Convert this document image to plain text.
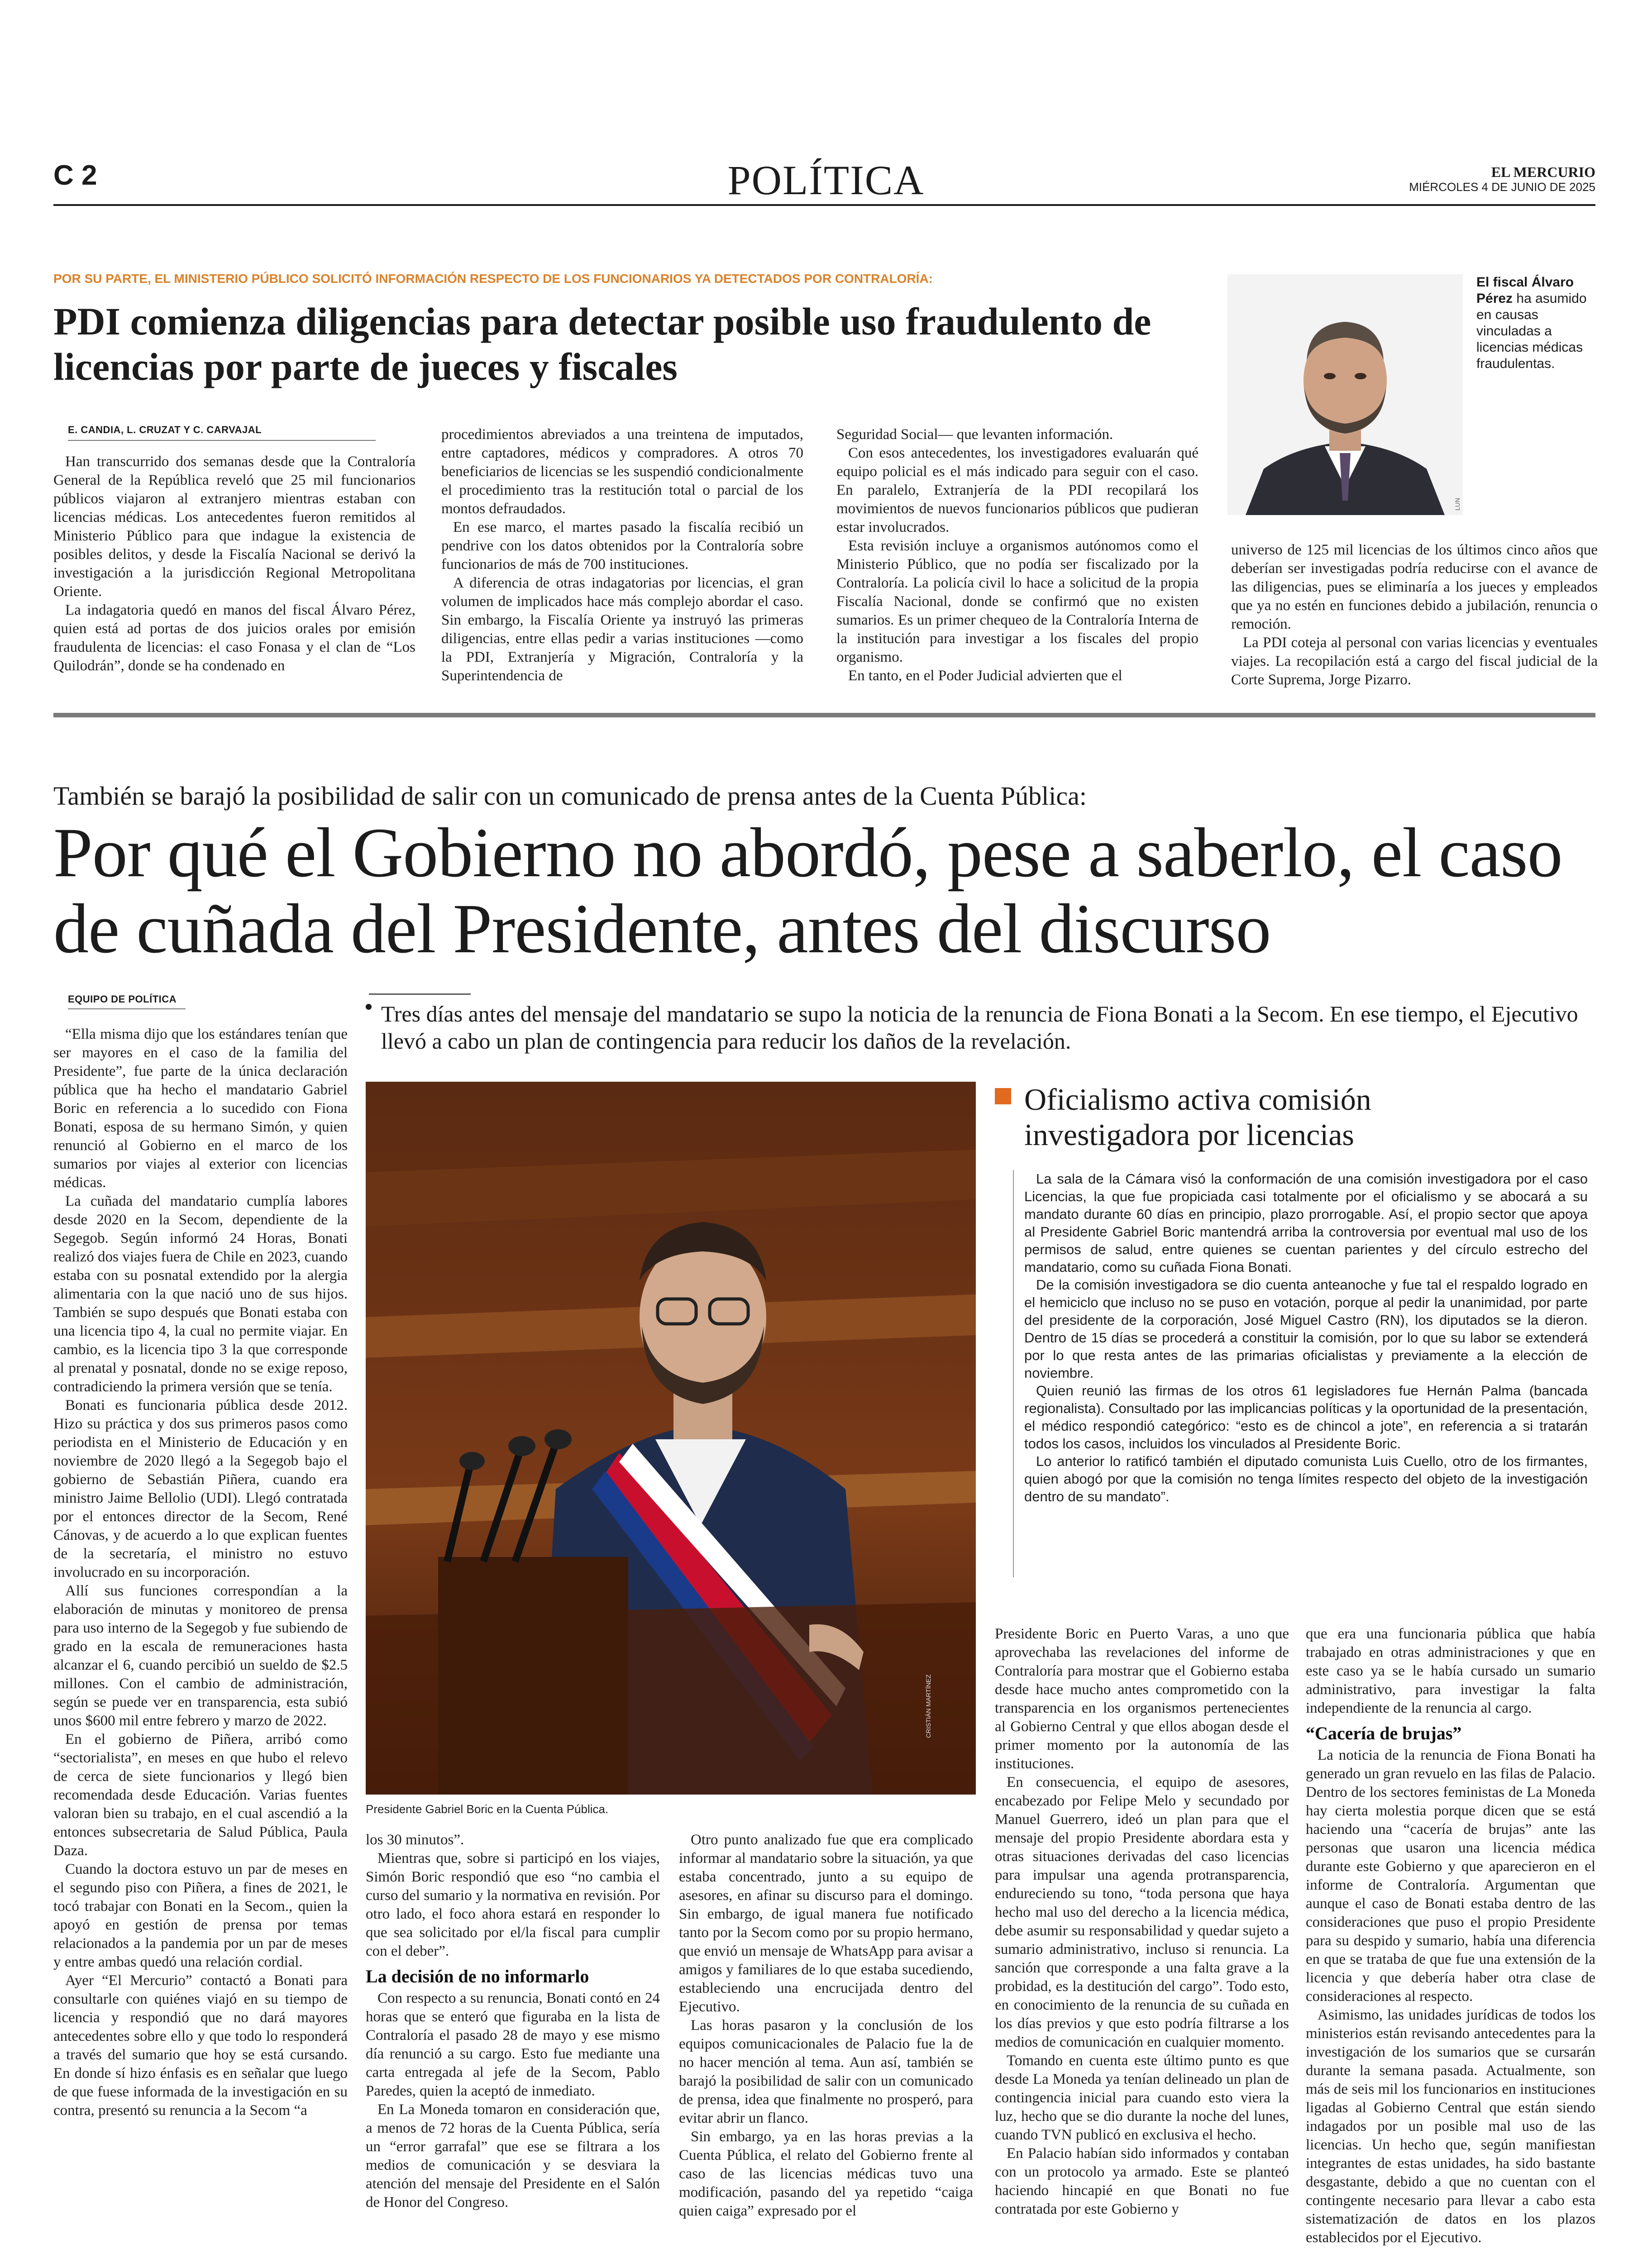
C 2	POLÍTICA	EL MERCURIO
MIÉRCOLES 4 DE JUNIO DE 2025
POR SU PARTE, EL MINISTERIO PÚBLICO SOLICITÓ INFORMACIÓN RESPECTO DE LOS FUNCIONARIOS YA DETECTADOS POR CONTRALORÍA:
PDI comienza diligencias para detectar posible uso fraudulento de licencias por parte de jueces y fiscales
E. CANDIA, L. CRUZAT Y C. CARVAJAL

Han transcurrido dos semanas desde que la Contraloría General de la República reveló que 25 mil funcionarios públicos viajaron al extranjero mientras estaban con licencias médicas. Los antecedentes fueron remitidos al Ministerio Público para que indague la existencia de posibles delitos, y desde la Fiscalía Nacional se derivó la investigación a la jurisdicción Regional Metropolitana Oriente.

La indagatoria quedó en manos del fiscal Álvaro Pérez, quien está ad portas de dos juicios orales por emisión fraudulenta de licencias: el caso Fonasa y el clan de “Los Quilodrán”, donde se ha condenado en

procedimientos abreviados a una treintena de imputados, entre captadores, médicos y compradores. A otros 70 beneficiarios de licencias se les suspendió condicionalmente el procedimiento tras la restitución total o parcial de los montos defraudados.

En ese marco, el martes pasado la fiscalía recibió un pendrive con los datos obtenidos por la Contraloría sobre funcionarios de más de 700 instituciones.

A diferencia de otras indagatorias por licencias, el gran volumen de implicados hace más complejo abordar el caso. Sin embargo, la Fiscalía Oriente ya instruyó las primeras diligencias, entre ellas pedir a varias instituciones —como la PDI, Extranjería y Migración, Contraloría y la Superintendencia de

Seguridad Social— que levanten información.

Con esos antecedentes, los investigadores evaluarán qué equipo policial es el más indicado para seguir con el caso. En paralelo, Extranjería de la PDI recopilará los movimientos de nuevos funcionarios públicos que pudieran estar involucrados.

Esta revisión incluye a organismos autónomos como el Ministerio Público, que no podía ser fiscalizado por la Contraloría. La policía civil lo hace a solicitud de la propia Fiscalía Nacional, donde se confirmó que no existen sumarios. Es un primer chequeo de la Contraloría Interna de la institución para investigar a los fiscales del propio organismo.

En tanto, en el Poder Judicial advierten que el

universo de 125 mil licencias de los últimos cinco años que deberían ser investigadas podría reducirse con el avance de las diligencias, pues se eliminaría a los jueces y empleados que ya no estén en funciones debido a jubilación, renuncia o remoción.

La PDI coteja al personal con varias licencias y eventuales viajes. La recopilación está a cargo del fiscal judicial de la Corte Suprema, Jorge Pizarro.

LUN
El fiscal Álvaro Pérez ha asumido en causas vinculadas a licencias médicas fraudulentas.
También se barajó la posibilidad de salir con un comunicado de prensa antes de la Cuenta Pública:
Por qué el Gobierno no abordó, pese a saberlo, el caso de cuñada del Presidente, antes del discurso
EQUIPO DE POLÍTICA
Tres días antes del mensaje del mandatario se supo la noticia de la renuncia de Fiona Bonati a la Secom. En ese tiempo, el Ejecutivo llevó a cabo un plan de contingencia para reducir los daños de la revelación.

“Ella misma dijo que los estándares tenían que ser mayores en el caso de la familia del Presidente”, fue parte de la única declaración pública que ha hecho el mandatario Gabriel Boric en referencia a lo sucedido con Fiona Bonati, esposa de su hermano Simón, y quien renunció al Gobierno en el marco de los sumarios por viajes al exterior con licencias médicas.

La cuñada del mandatario cumplía labores desde 2020 en la Secom, dependiente de la Segegob. Según informó 24 Horas, Bonati realizó dos viajes fuera de Chile en 2023, cuando estaba con su posnatal extendido por la alergia alimentaria con la que nació uno de sus hijos. También se supo después que Bonati estaba con una licencia tipo 4, la cual no permite viajar. En cambio, es la licencia tipo 3 la que corresponde al prenatal y posnatal, donde no se exige reposo, contradiciendo la primera versión que se tenía.

Bonati es funcionaria pública desde 2012. Hizo su práctica y dos sus primeros pasos como periodista en el Ministerio de Educación y en noviembre de 2020 llegó a la Segegob bajo el gobierno de Sebastián Piñera, cuando era ministro Jaime Bellolio (UDI). Llegó contratada por el entonces director de la Secom, René Cánovas, y de acuerdo a lo que explican fuentes de la secretaría, el ministro no estuvo involucrado en su incorporación.

Allí sus funciones correspondían a la elaboración de minutas y monitoreo de prensa para uso interno de la Segegob y fue subiendo de grado en la escala de remuneraciones hasta alcanzar el 6, cuando percibió un sueldo de $2.5 millones. Con el cambio de administración, según se puede ver en transparencia, esta subió unos $600 mil entre febrero y marzo de 2022.

En el gobierno de Piñera, arribó como “sectorialista”, en meses en que hubo el relevo de cerca de siete funcionarios y llegó bien recomendada desde Educación. Varias fuentes valoran bien su trabajo, en el cual ascendió a la entonces subsecretaria de Salud Pública, Paula Daza.

Cuando la doctora estuvo un par de meses en el segundo piso con Piñera, a fines de 2021, le tocó trabajar con Bonati en la Secom., quien la apoyó en gestión de prensa por temas relacionados a la pandemia por un par de meses y entre ambas quedó una relación cordial.

Ayer “El Mercurio” contactó a Bonati para consultarle con quiénes viajó en su tiempo de licencia y respondió que no dará mayores antecedentes sobre ello y que todo lo responderá a través del sumario que hoy se está cursando. En donde sí hizo énfasis es en señalar que luego de que fuese informada de la investigación en su contra, presentó su renuncia a la Secom “a

CRISTIÁN MARTÍNEZ
Presidente Gabriel Boric en la Cuenta Pública.
Oficialismo activa comisión investigadora por licencias

La sala de la Cámara visó la conformación de una comisión investigadora por el caso Licencias, la que fue propiciada casi totalmente por el oficialismo y se abocará a su mandato durante 60 días en principio, plazo prorrogable. Así, el propio sector que apoya al Presidente Gabriel Boric mantendrá arriba la controversia por eventual mal uso de los permisos de salud, entre quienes se cuentan parientes y del círculo estrecho del mandatario, como su cuñada Fiona Bonati.

De la comisión investigadora se dio cuenta anteanoche y fue tal el respaldo logrado en el hemiciclo que incluso no se puso en votación, porque al pedir la unanimidad, por parte del presidente de la corporación, José Miguel Castro (RN), los diputados se la dieron. Dentro de 15 días se procederá a constituir la comisión, por lo que su labor se extenderá por lo que resta antes de las primarias oficialistas y previamente a la elección de noviembre.

Quien reunió las firmas de los otros 61 legisladores fue Hernán Palma (bancada regionalista). Consultado por las implicancias políticas y la oportunidad de la presentación, el médico respondió categórico: “esto es de chincol a jote”, en referencia a si tratarán todos los casos, incluidos los vinculados al Presidente Boric.

Lo anterior lo ratificó también el diputado comunista Luis Cuello, otro de los firmantes, quien abogó por que la comisión no tenga límites respecto del objeto de la investigación dentro de su mandato”.

los 30 minutos”.

Mientras que, sobre si participó en los viajes, Simón Boric respondió que eso “no cambia el curso del sumario y la normativa en revisión. Por otro lado, el foco ahora estará en responder lo que sea solicitado por el/la fiscal para cumplir con el deber”.

La decisión de no informarlo

Con respecto a su renuncia, Bonati contó en 24 horas que se enteró que figuraba en la lista de Contraloría el pasado 28 de mayo y ese mismo día renunció a su cargo. Esto fue mediante una carta entregada al jefe de la Secom, Pablo Paredes, quien la aceptó de inmediato.

En La Moneda tomaron en consideración que, a menos de 72 horas de la Cuenta Pública, sería un “error garrafal” que ese se filtrara a los medios de comunicación y se desviara la atención del mensaje del Presidente en el Salón de Honor del Congreso.

Otro punto analizado fue que era complicado informar al mandatario sobre la situación, ya que estaba concentrado, junto a su equipo de asesores, en afinar su discurso para el domingo. Sin embargo, de igual manera fue notificado tanto por la Secom como por su propio hermano, que envió un mensaje de WhatsApp para avisar a amigos y familiares de lo que estaba sucediendo, estableciendo una encrucijada dentro del Ejecutivo.

Las horas pasaron y la conclusión de los equipos comunicacionales de Palacio fue la de no hacer mención al tema. Aun así, también se barajó la posibilidad de salir con un comunicado de prensa, idea que finalmente no prosperó, para evitar abrir un flanco.

Sin embargo, ya en las horas previas a la Cuenta Pública, el relato del Gobierno frente al caso de las licencias médicas tuvo una modificación, pasando del ya repetido “caiga quien caiga” expresado por el

Presidente Boric en Puerto Varas, a uno que aprovechaba las revelaciones del informe de Contraloría para mostrar que el Gobierno estaba desde hace mucho antes comprometido con la transparencia en los organismos pertenecientes al Gobierno Central y que ellos abogan desde el primer momento por la autonomía de las instituciones.

En consecuencia, el equipo de asesores, encabezado por Felipe Melo y secundado por Manuel Guerrero, ideó un plan para que el mensaje del propio Presidente abordara esta y otras situaciones derivadas del caso licencias para impulsar una agenda protransparencia, endureciendo su tono, “toda persona que haya hecho mal uso del derecho a la licencia médica, debe asumir su responsabilidad y quedar sujeto a sumario administrativo, incluso si renuncia. La sanción que corresponde a una falta grave a la probidad, es la destitución del cargo”. Todo esto, en conocimiento de la renuncia de su cuñada en los días previos y que esto podría filtrarse a los medios de comunicación en cualquier momento.

Tomando en cuenta este último punto es que desde La Moneda ya tenían delineado un plan de contingencia inicial para cuando esto viera la luz, hecho que se dio durante la noche del lunes, cuando TVN publicó en exclusiva el hecho.

En Palacio habían sido informados y contaban con un protocolo ya armado. Este se planteó haciendo hincapié en que Bonati no fue contratada por este Gobierno y

que era una funcionaria pública que había trabajado en otras administraciones y que en este caso ya se le había cursado un sumario administrativo, para investigar la falta independiente de la renuncia al cargo.

“Cacería de brujas”

La noticia de la renuncia de Fiona Bonati ha generado un gran revuelo en las filas de Palacio. Dentro de los sectores feministas de La Moneda hay cierta molestia porque dicen que se está haciendo una “cacería de brujas” ante las personas que usaron una licencia médica durante este Gobierno y que aparecieron en el informe de Contraloría. Argumentan que aunque el caso de Bonati estaba dentro de las consideraciones que puso el propio Presidente para su despido y sumario, había una diferencia en que se trataba de que fue una extensión de la licencia y que debería haber otra clase de consideraciones al respecto.

Asimismo, las unidades jurídicas de todos los ministerios están revisando antecedentes para la investigación de los sumarios que se cursarán durante la semana pasada. Actualmente, son más de seis mil los funcionarios en instituciones ligadas al Gobierno Central que están siendo indagados por un posible mal uso de las licencias. Un hecho que, según manifiestan integrantes de estas unidades, ha sido bastante desgastante, debido a que no cuentan con el contingente necesario para llevar a cabo esta sistematización de datos en los plazos establecidos por el Ejecutivo.
